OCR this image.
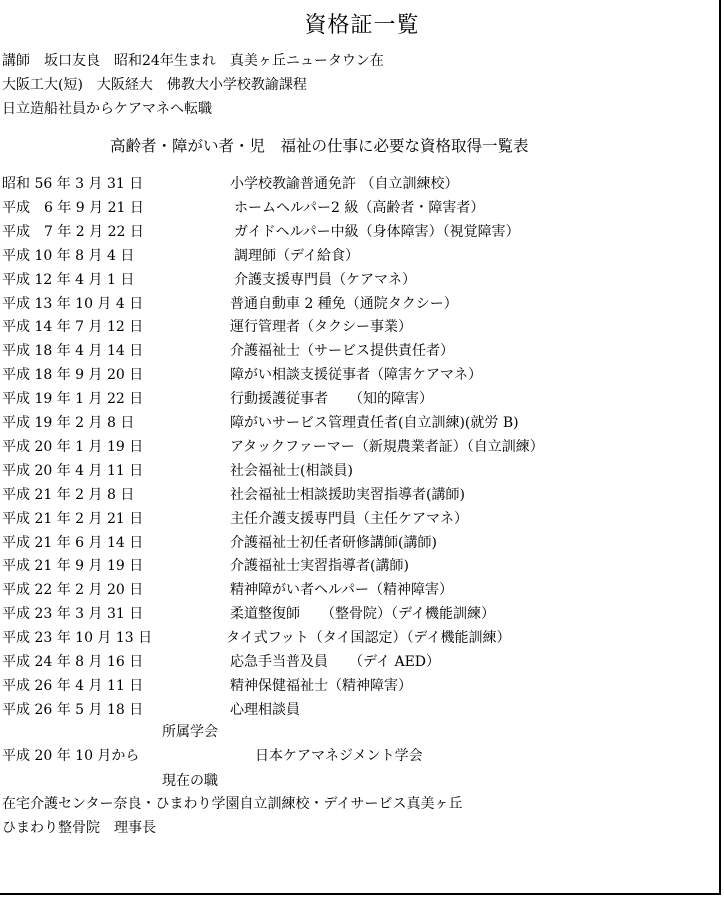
資格証一覧
講師　坂口友良　昭和24年生まれ　真美ヶ丘ニュータウン在
大阪工大(短)　大阪経大　佛教大小学校教諭課程
日立造船社員からケアマネへ転職
高齢者・障がい者・児　福祉の仕事に必要な資格取得一覧表
昭和 56 年 3 月 31 日	小学校教諭普通免許 （自立訓練校）
平成　6 年 9 月 21 日	ホームヘルパー2 級（高齢者・障害者）
平成　7 年 2 月 22 日	ガイドヘルパー中級（身体障害）（視覚障害）
平成 10 年 8 月 4 日	調理師（デイ給食）
平成 12 年 4 月 1 日	介護支援専門員（ケアマネ）
平成 13 年 10 月 4 日	普通自動車 2 種免（通院タクシー）
平成 14 年 7 月 12 日	運行管理者（タクシー事業）
平成 18 年 4 月 14 日	介護福祉士（サービス提供責任者）
平成 18 年 9 月 20 日	障がい相談支援従事者（障害ケアマネ）
平成 19 年 1 月 22 日	行動援護従事者　　（知的障害）
平成 19 年 2 月 8 日	障がいサービス管理責任者(自立訓練)(就労 B)
平成 20 年 1 月 19 日	アタックファーマー（新規農業者証）（自立訓練）
平成 20 年 4 月 11 日	社会福祉士(相談員)
平成 21 年 2 月 8 日	社会福祉士相談援助実習指導者(講師)
平成 21 年 2 月 21 日	主任介護支援専門員（主任ケアマネ）
平成 21 年 6 月 14 日	介護福祉士初任者研修講師(講師)
平成 21 年 9 月 19 日	介護福祉士実習指導者(講師)
平成 22 年 2 月 20 日	精神障がい者ヘルパー（精神障害）
平成 23 年 3 月 31 日	柔道整復師　　（整骨院）（デイ機能訓練）
平成 23 年 10 月 13 日	タイ式フット（タイ国認定）（デイ機能訓練）
平成 24 年 8 月 16 日	応急手当普及員　　（デイ AED）
平成 26 年 4 月 11 日	精神保健福祉士（精神障害）
平成 26 年 5 月 18 日	心理相談員
所属学会
平成 20 年 10 月から	日本ケアマネジメント学会
現在の職
在宅介護センター奈良・ひまわり学園自立訓練校・デイサービス真美ヶ丘
ひまわり整骨院　理事長
